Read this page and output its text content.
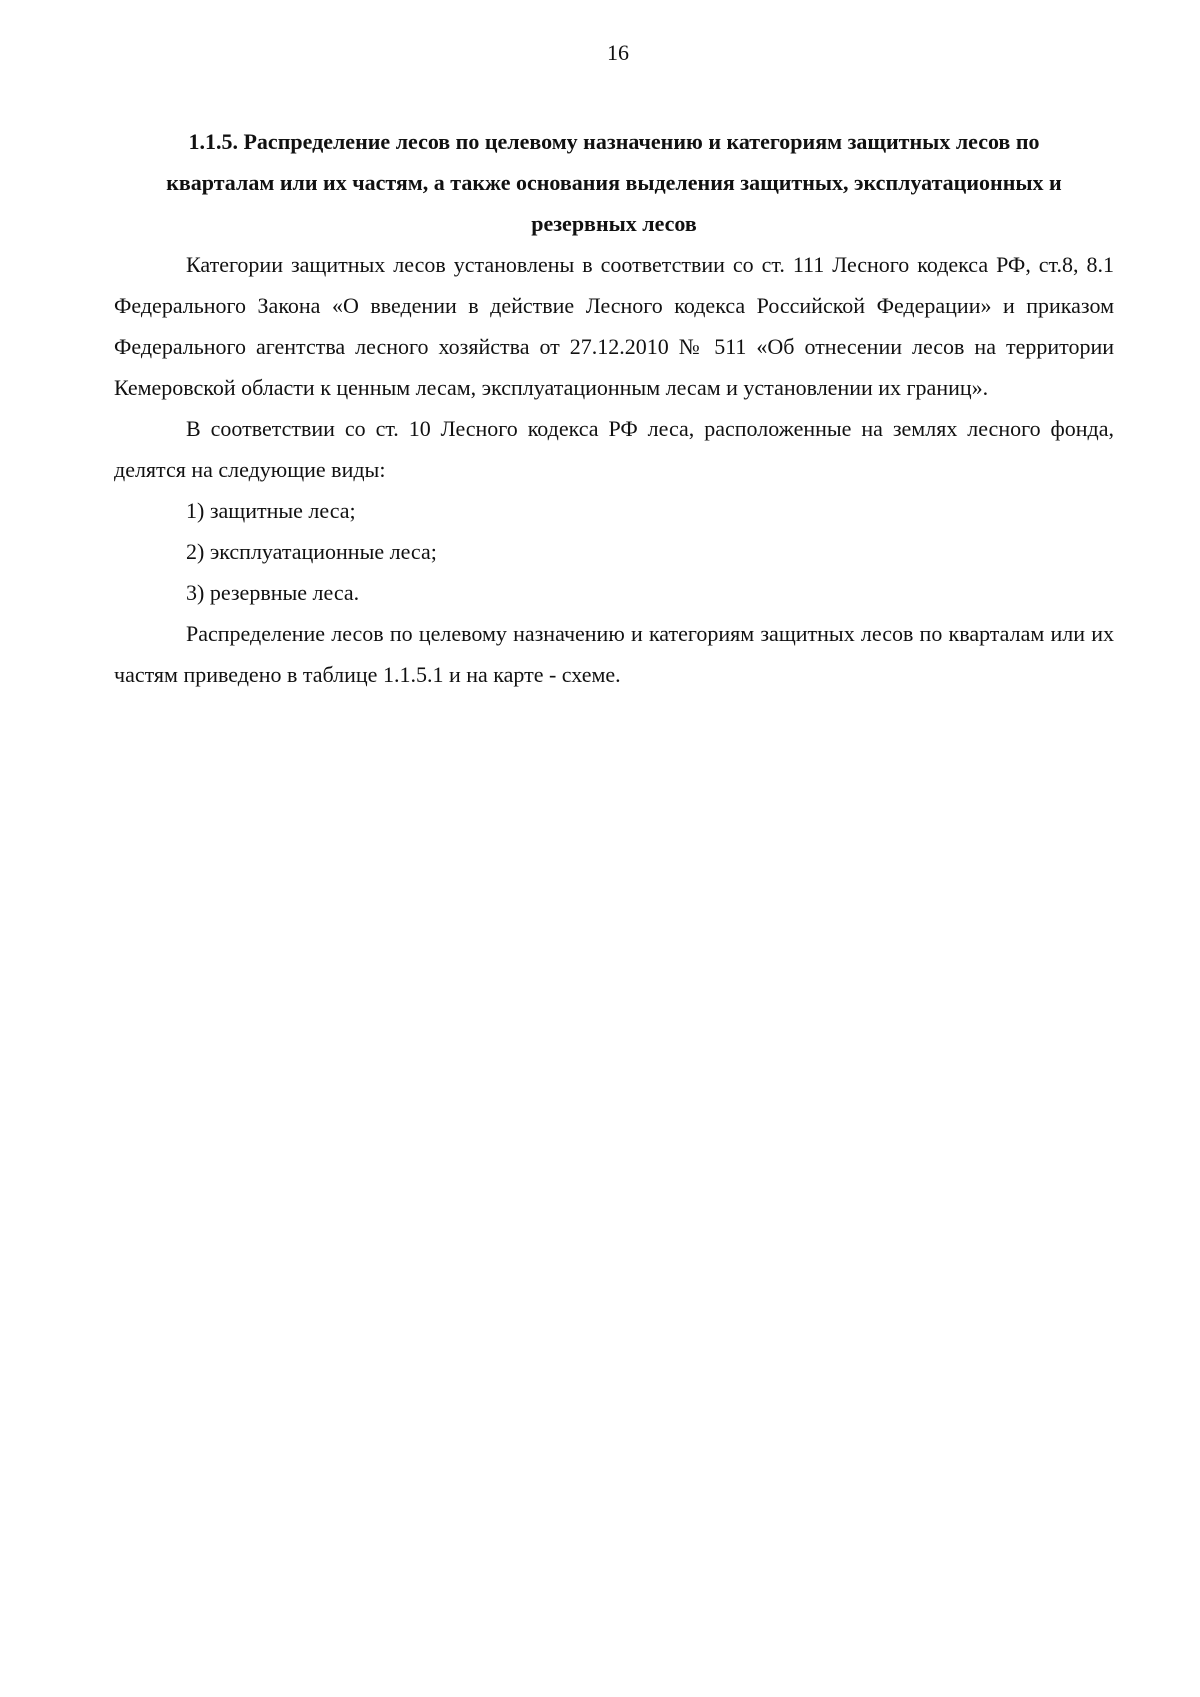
16
1.1.5. Распределение лесов по целевому назначению и категориям защитных лесов по
кварталам или их частям, а также основания выделения защитных, эксплуатационных и
резервных лесов

Категории защитных лесов установлены в соответствии со ст. 111 Лесного кодекса РФ, ст.8, 8.1 Федерального Закона «О введении в действие Лесного кодекса Российской Федерации» и приказом Федерального агентства лесного хозяйства от 27.12.2010 № 511 «Об отнесении лесов на территории Кемеровской области к ценным лесам, эксплуатационным лесам и установлении их границ».

В соответствии со ст. 10 Лесного кодекса РФ леса, расположенные на землях лесного фонда, делятся на следующие виды:

1) защитные леса;

2) эксплуатационные леса;

3) резервные леса.

Распределение лесов по целевому назначению и категориям защитных лесов по кварталам или их частям приведено в таблице 1.1.5.1 и на карте - схеме.
